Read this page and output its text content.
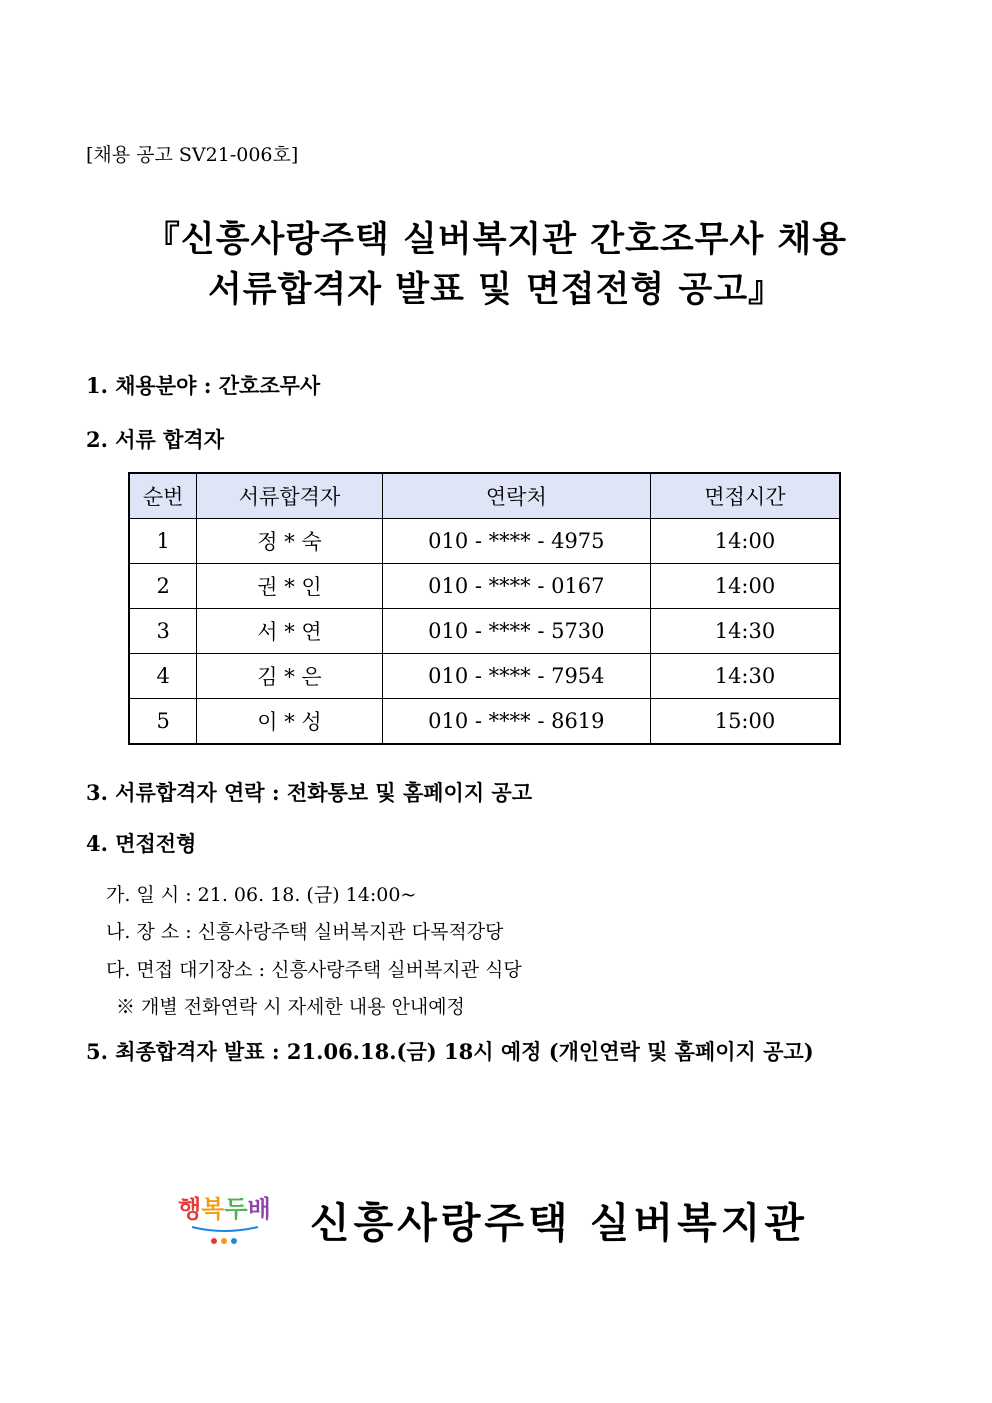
[채용 공고 SV21-006호]
『신흥사랑주택 실버복지관 간호조무사 채용
서류합격자 발표 및 면접전형 공고』
1. 채용분야 : 간호조무사
2. 서류 합격자
순번	서류합격자	연락처	면접시간
1	정 * 숙	010 - **** - 4975	14:00
2	권 * 인	010 - **** - 0167	14:00
3	서 * 연	010 - **** - 5730	14:30
4	김 * 은	010 - **** - 7954	14:30
5	이 * 성	010 - **** - 8619	15:00
3. 서류합격자 연락 : 전화통보 및 홈페이지 공고
4. 면접전형
가. 일 시 : 21. 06. 18. (금) 14:00~
나. 장 소 : 신흥사랑주택 실버복지관 다목적강당
다. 면접 대기장소 : 신흥사랑주택 실버복지관 식당
※ 개별 전화연락 시 자세한 내용 안내예정
5. 최종합격자 발표 : 21.06.18.(금) 18시 예정 (개인연락 및 홈페이지 공고)
행복두배 신흥사랑주택 실버복지관
